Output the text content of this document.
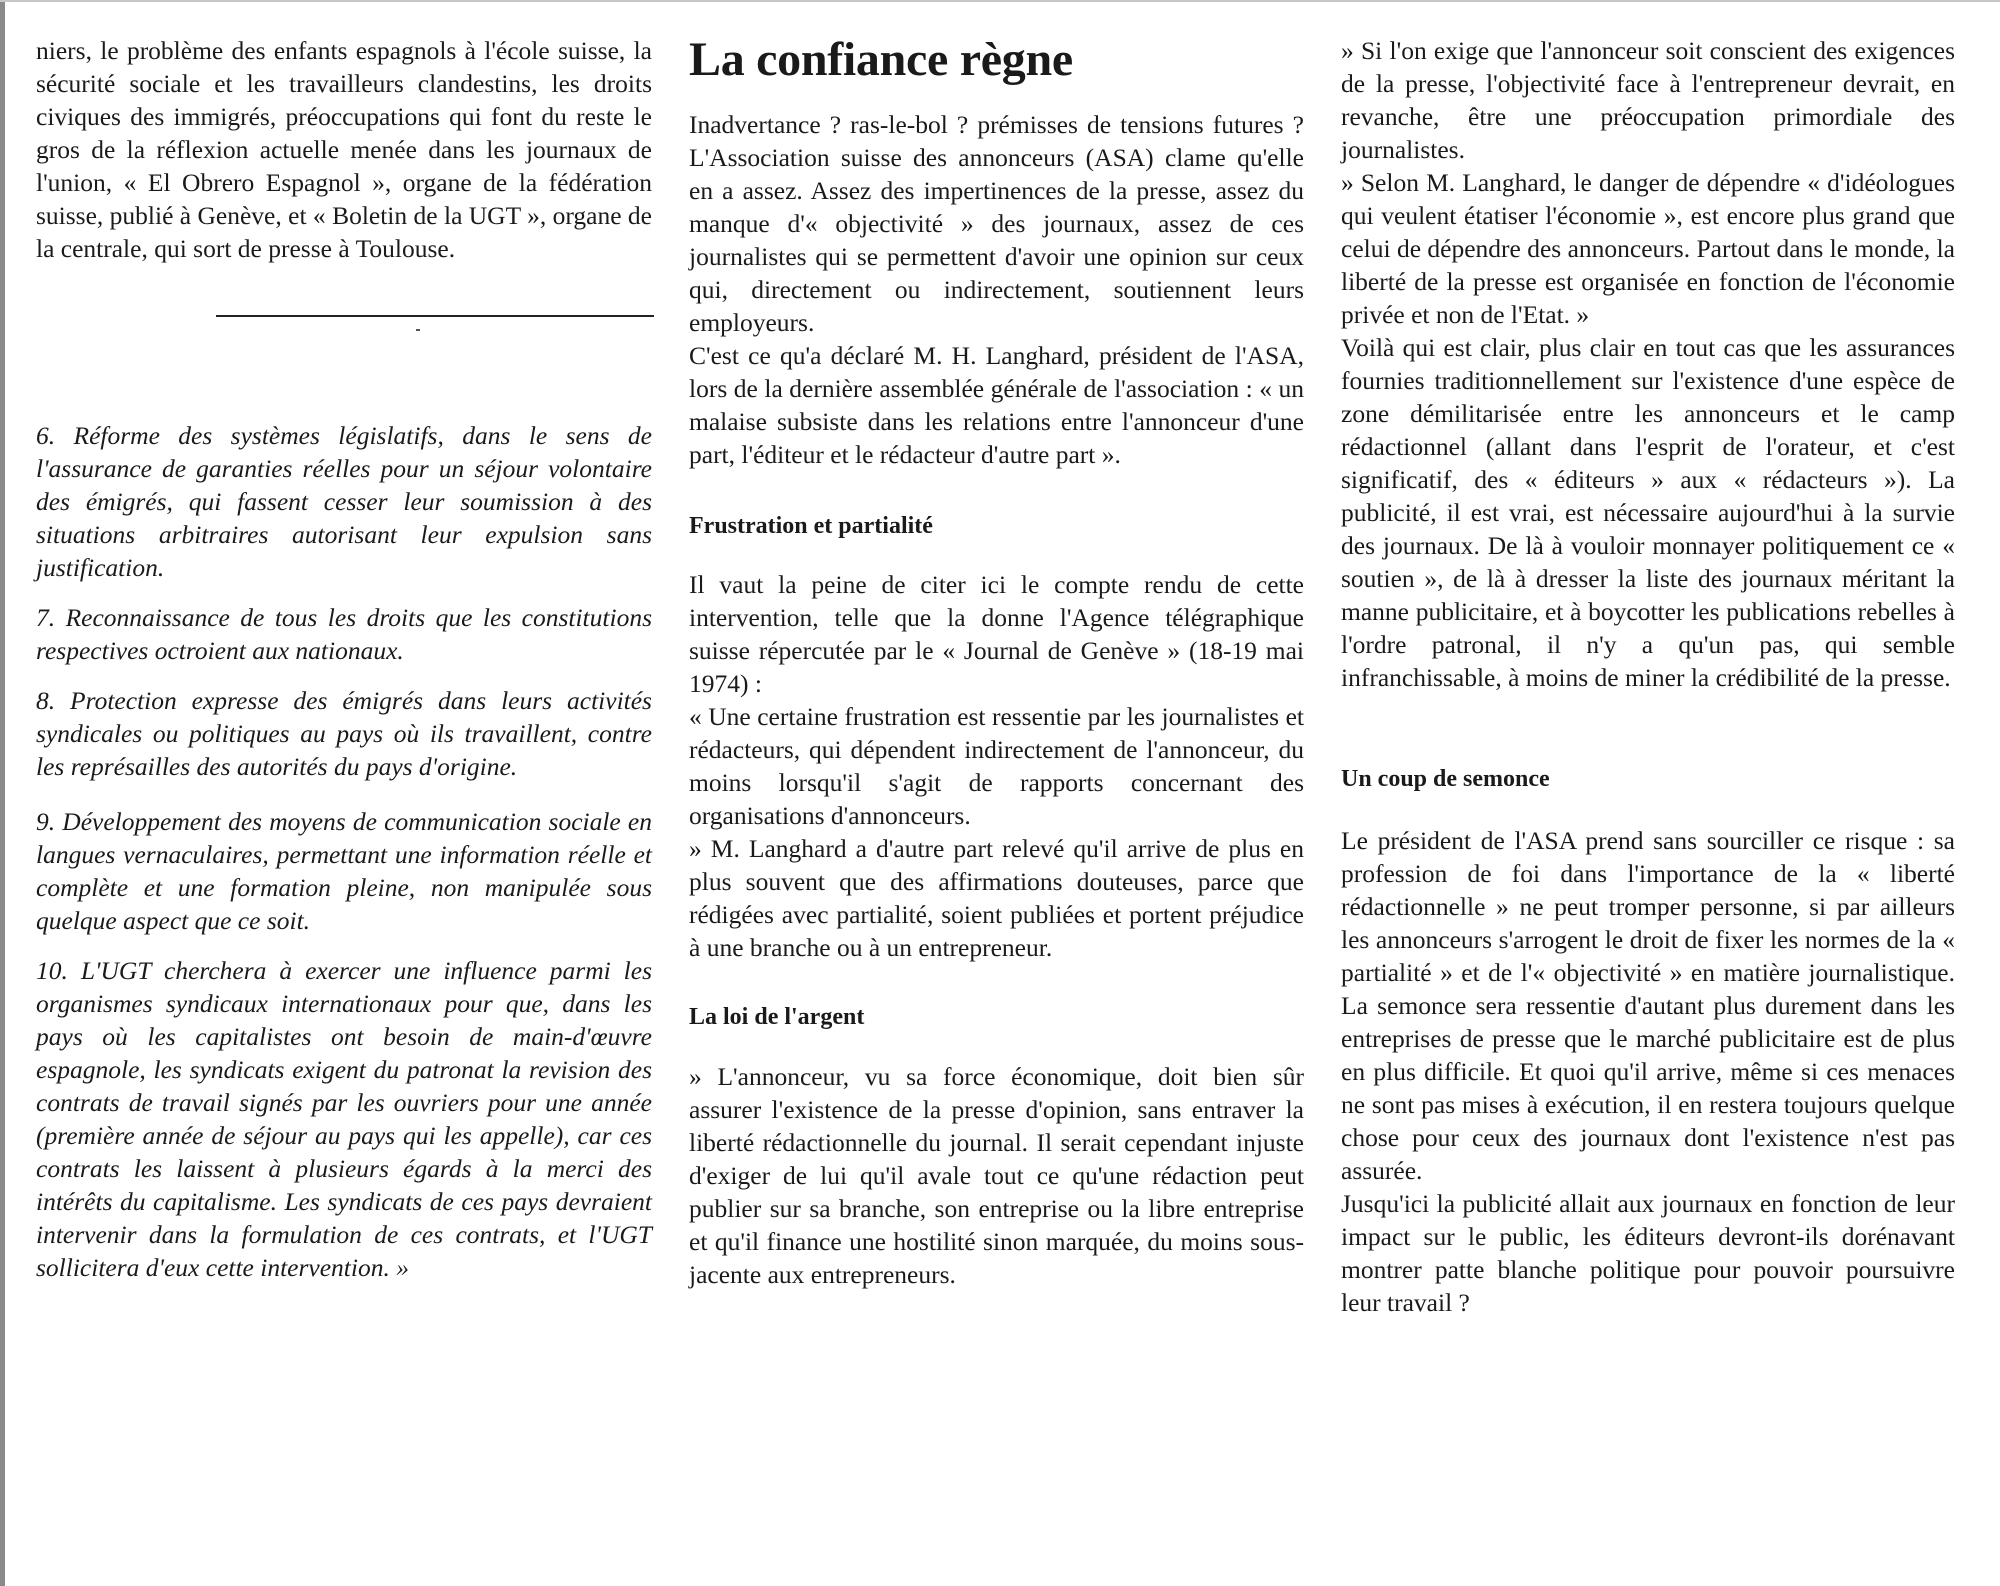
niers, le problème des enfants espagnols à l'école suisse, la sécurité sociale et les travailleurs clandestins, les droits civiques des immigrés, préoccupations qui font du reste le gros de la réflexion actuelle menée dans les journaux de l'union, « El Obrero Espagnol », organe de la fédération suisse, publié à Genève, et « Boletin de la UGT », organe de la centrale, qui sort de presse à Toulouse.

6. Réforme des systèmes législatifs, dans le sens de l'assurance de garanties réelles pour un séjour volontaire des émigrés, qui fassent cesser leur soumission à des situations arbitraires autorisant leur expulsion sans justification.

7. Reconnaissance de tous les droits que les constitutions respectives octroient aux nationaux.

8. Protection expresse des émigrés dans leurs activités syndicales ou politiques au pays où ils travaillent, contre les représailles des autorités du pays d'origine.

9. Développement des moyens de communication sociale en langues vernaculaires, permettant une information réelle et complète et une formation pleine, non manipulée sous quelque aspect que ce soit.

10. L'UGT cherchera à exercer une influence parmi les organismes syndicaux internationaux pour que, dans les pays où les capitalistes ont besoin de main-d'œuvre espagnole, les syndicats exigent du patronat la revision des contrats de travail signés par les ouvriers pour une année (première année de séjour au pays qui les appelle), car ces contrats les laissent à plusieurs égards à la merci des intérêts du capitalisme. Les syndicats de ces pays devraient intervenir dans la formulation de ces contrats, et l'UGT sollicitera d'eux cette intervention. »

La confiance règne

Inadvertance ? ras-le-bol ? prémisses de tensions futures ? L'Association suisse des annonceurs (ASA) clame qu'elle en a assez. Assez des impertinences de la presse, assez du manque d'« objectivité » des journaux, assez de ces journalistes qui se permettent d'avoir une opinion sur ceux qui, directement ou indirectement, soutiennent leurs employeurs.

C'est ce qu'a déclaré M. H. Langhard, président de l'ASA, lors de la dernière assemblée générale de l'association : « un malaise subsiste dans les relations entre l'annonceur d'une part, l'éditeur et le rédacteur d'autre part ».

Frustration et partialité

Il vaut la peine de citer ici le compte rendu de cette intervention, telle que la donne l'Agence télégraphique suisse répercutée par le « Journal de Genève » (18-19 mai 1974) :

« Une certaine frustration est ressentie par les journalistes et rédacteurs, qui dépendent indirectement de l'annonceur, du moins lorsqu'il s'agit de rapports concernant des organisations d'annonceurs.

» M. Langhard a d'autre part relevé qu'il arrive de plus en plus souvent que des affirmations douteuses, parce que rédigées avec partialité, soient publiées et portent préjudice à une branche ou à un entrepreneur.

La loi de l'argent

» L'annonceur, vu sa force économique, doit bien sûr assurer l'existence de la presse d'opinion, sans entraver la liberté rédactionnelle du journal. Il serait cependant injuste d'exiger de lui qu'il avale tout ce qu'une rédaction peut publier sur sa branche, son entreprise ou la libre entreprise et qu'il finance une hostilité sinon marquée, du moins sous-jacente aux entrepreneurs.

» Si l'on exige que l'annonceur soit conscient des exigences de la presse, l'objectivité face à l'entrepreneur devrait, en revanche, être une préoccupation primordiale des journalistes.

» Selon M. Langhard, le danger de dépendre « d'idéologues qui veulent étatiser l'économie », est encore plus grand que celui de dépendre des annonceurs. Partout dans le monde, la liberté de la presse est organisée en fonction de l'économie privée et non de l'Etat. »

Voilà qui est clair, plus clair en tout cas que les assurances fournies traditionnellement sur l'existence d'une espèce de zone démilitarisée entre les annonceurs et le camp rédactionnel (allant dans l'esprit de l'orateur, et c'est significatif, des « éditeurs » aux « rédacteurs »). La publicité, il est vrai, est nécessaire aujourd'hui à la survie des journaux. De là à vouloir monnayer politiquement ce « soutien », de là à dresser la liste des journaux méritant la manne publicitaire, et à boycotter les publications rebelles à l'ordre patronal, il n'y a qu'un pas, qui semble infranchissable, à moins de miner la crédibilité de la presse.

Un coup de semonce

Le président de l'ASA prend sans sourciller ce risque : sa profession de foi dans l'importance de la « liberté rédactionnelle » ne peut tromper personne, si par ailleurs les annonceurs s'arrogent le droit de fixer les normes de la « partialité » et de l'« objectivité » en matière journalistique. La semonce sera ressentie d'autant plus durement dans les entreprises de presse que le marché publicitaire est de plus en plus difficile. Et quoi qu'il arrive, même si ces menaces ne sont pas mises à exécution, il en restera toujours quelque chose pour ceux des journaux dont l'existence n'est pas assurée.

Jusqu'ici la publicité allait aux journaux en fonction de leur impact sur le public, les éditeurs devront-ils dorénavant montrer patte blanche politique pour pouvoir poursuivre leur travail ?
